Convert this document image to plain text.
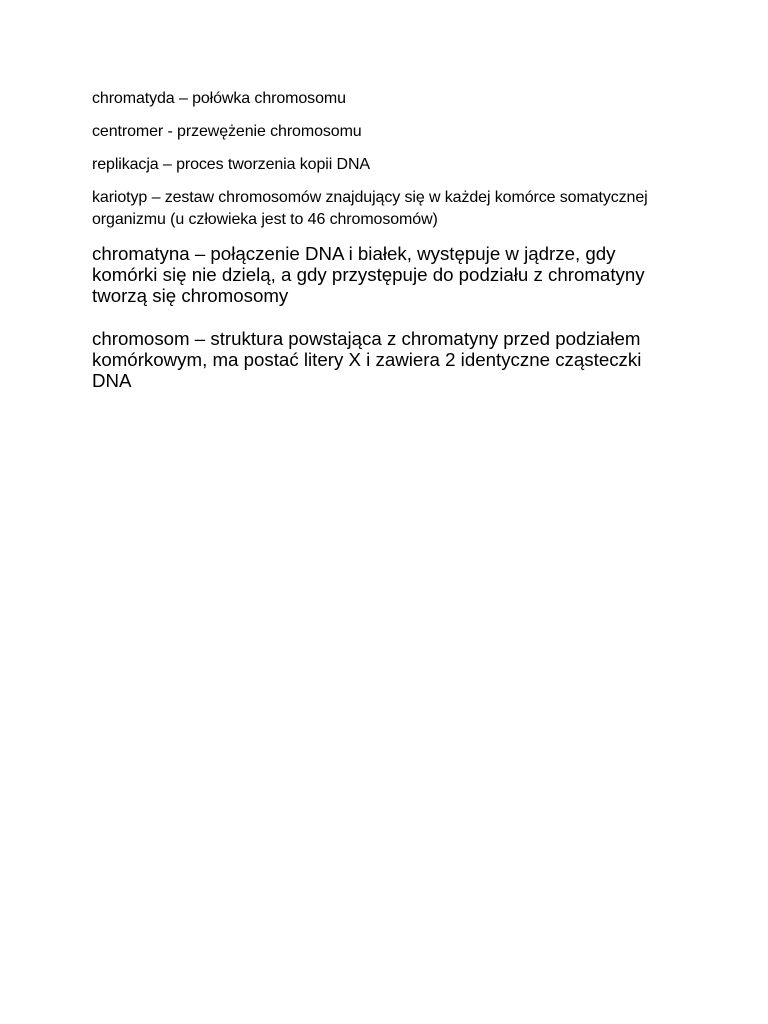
chromatyda – połówka chromosomu

centromer - przewężenie chromosomu

replikacja – proces tworzenia kopii DNA

kariotyp – zestaw chromosomów znajdujący się w każdej komórce somatycznej organizmu (u człowieka jest to 46 chromosomów)

chromatyna – połączenie DNA i białek, występuje w jądrze, gdy komórki się nie dzielą, a gdy przystępuje do podziału z chromatyny tworzą się chromosomy

chromosom – struktura powstająca z chromatyny przed podziałem komórkowym, ma postać litery X i zawiera 2 identyczne cząsteczki DNA
